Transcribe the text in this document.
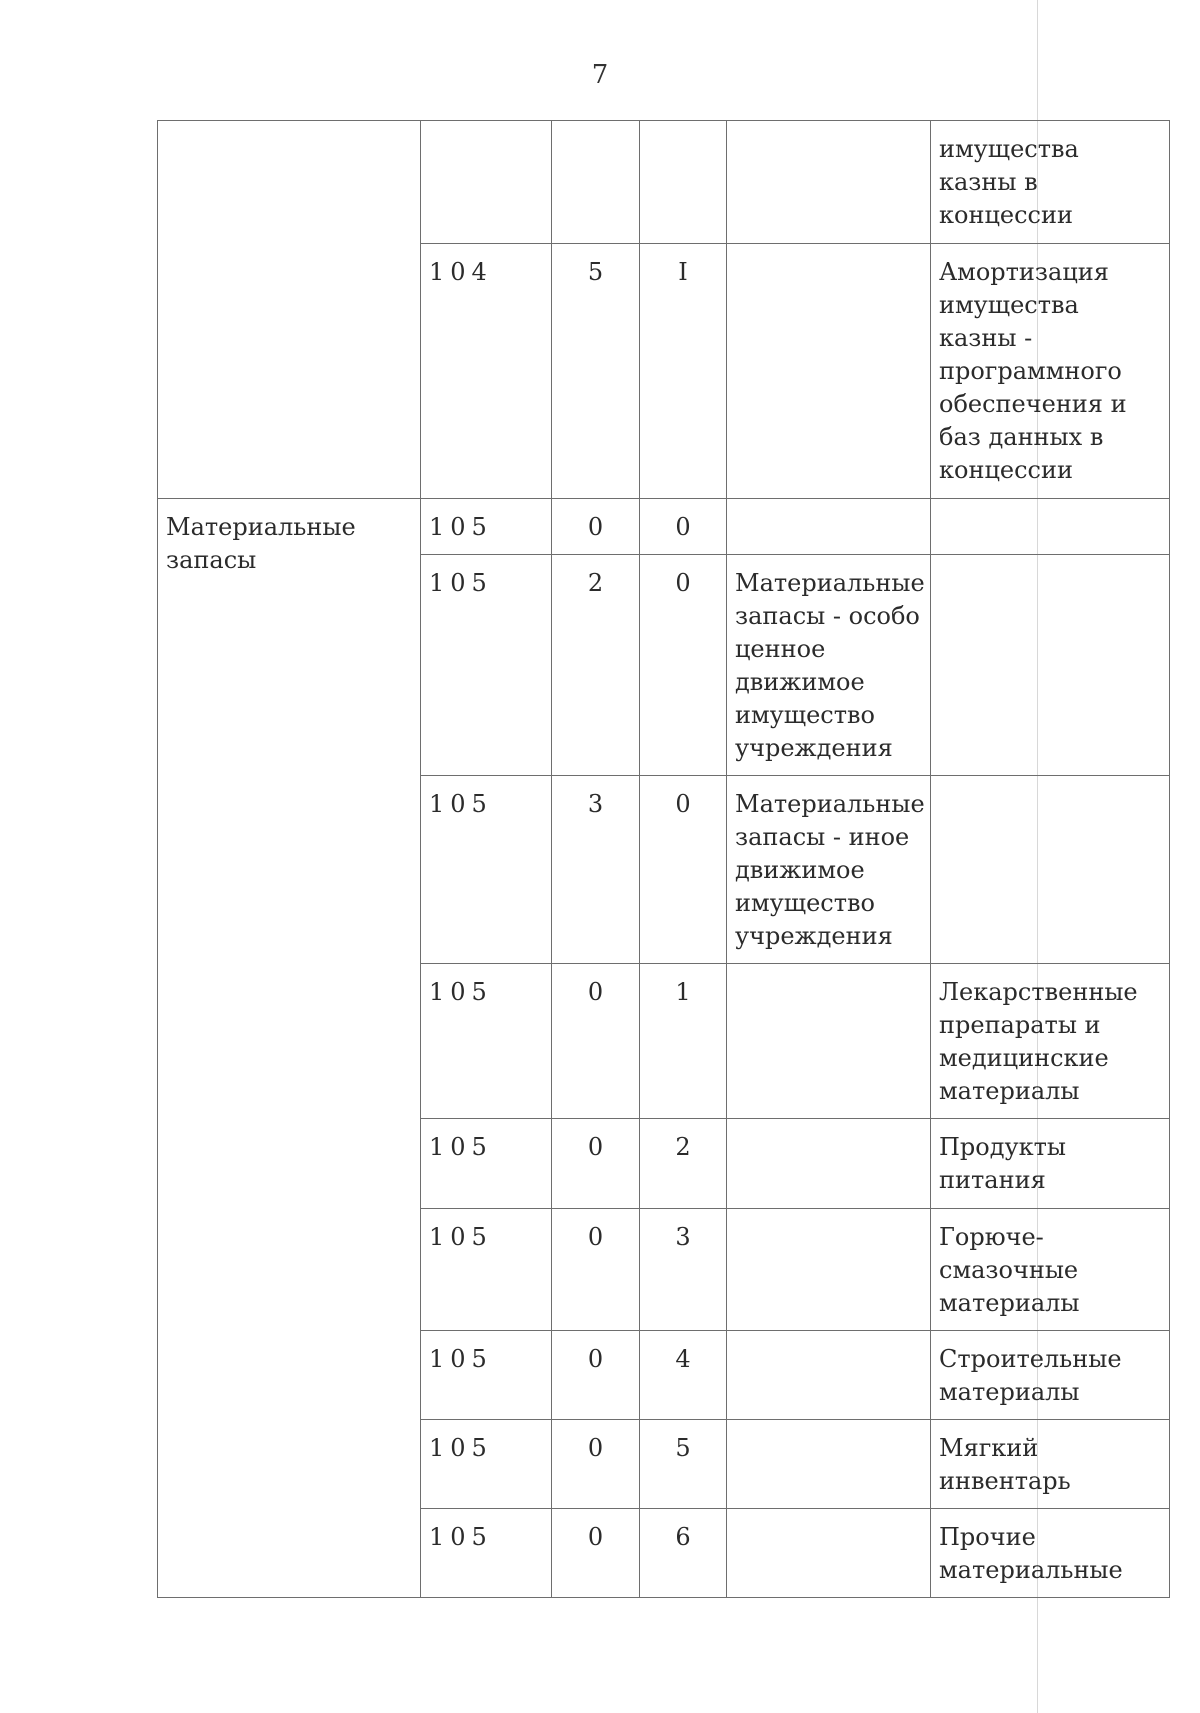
7
					имущества казны в концессии
	104	5	I		Амортизация имущества казны - программного обеспечения и баз данных в концессии
Материальные запасы	105	0	0		
	105	2	0	Материальные запасы - особо ценное движимое имущество учреждения	
	105	3	0	Материальные запасы - иное движимое имущество учреждения	
	105	0	1		Лекарственные препараты и медицинские материалы
	105	0	2		Продукты питания
	105	0	3		Горюче-смазочные материалы
	105	0	4		Строительные материалы
	105	0	5		Мягкий инвентарь
	105	0	6		Прочие материальные
